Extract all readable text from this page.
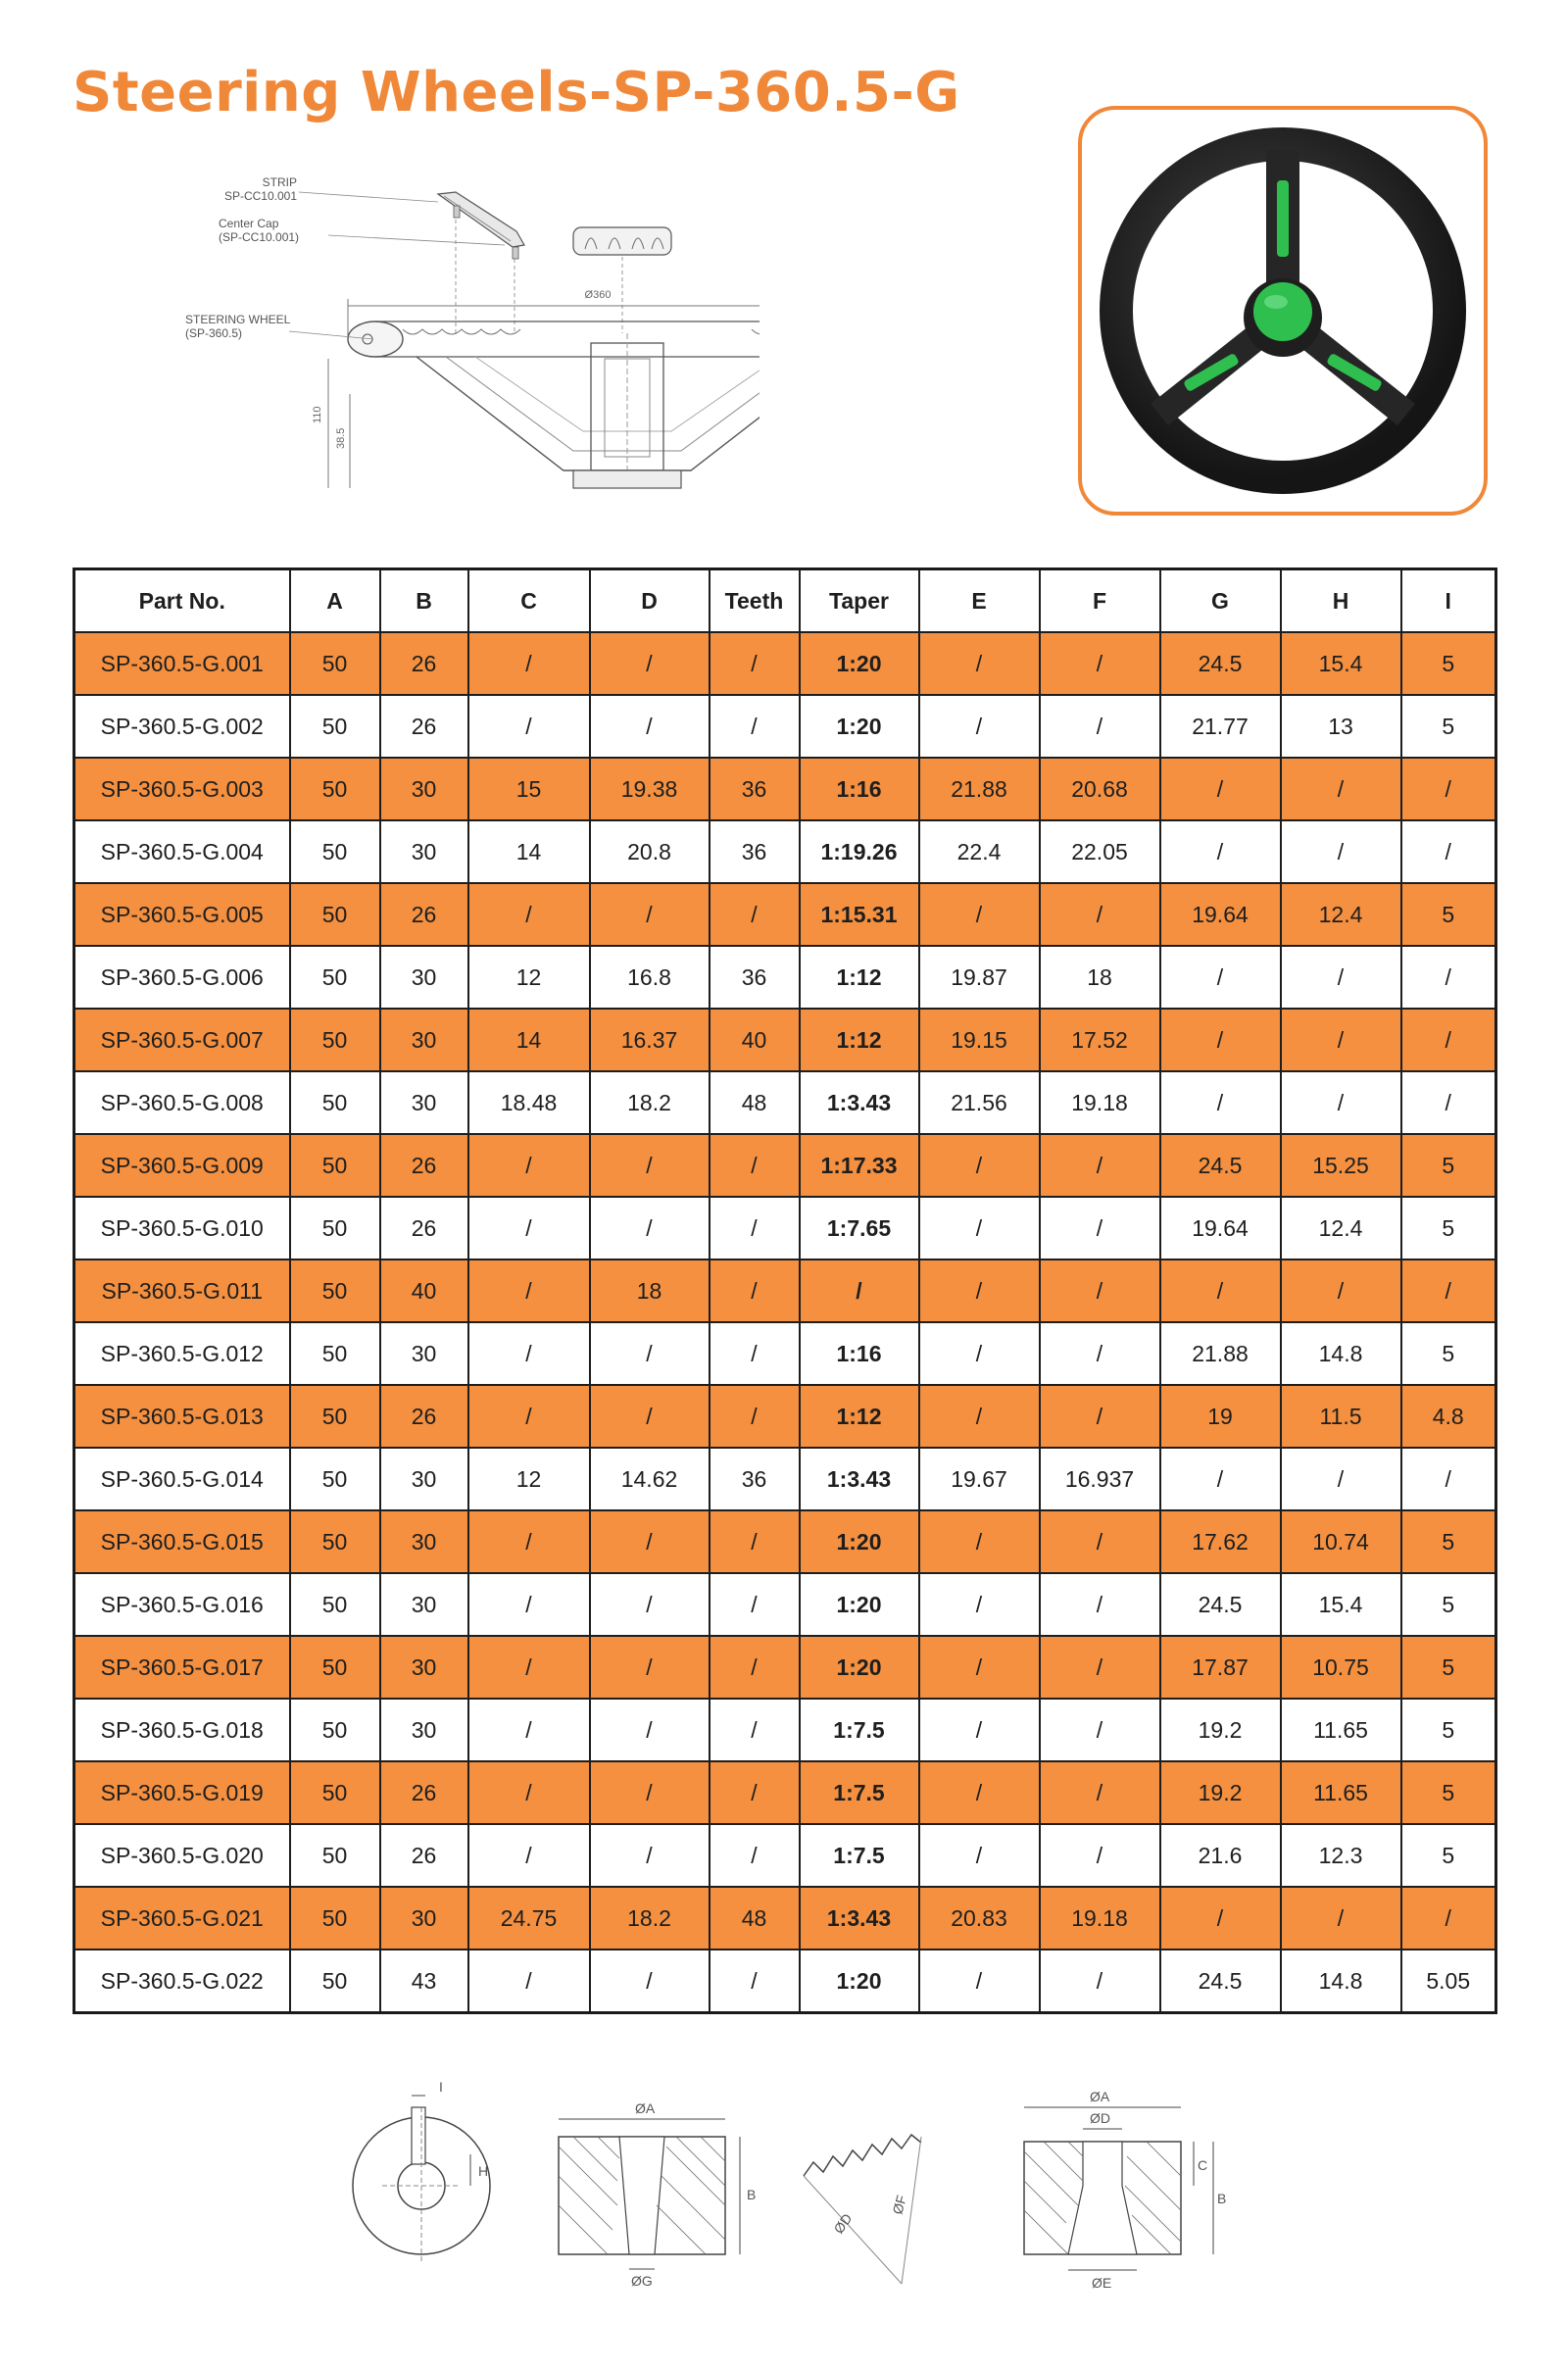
Steering Wheels-SP-360.5-G
Ø360
110
38.5
STRIP
SP-CC10.001
Center Cap
(SP-CC10.001)
STEERING WHEEL
(SP-360.5)
Part No.	A	B	C	D	Teeth	Taper	E	F	G	H	I
SP-360.5-G.001	50	26	/	/	/	1:20	/	/	24.5	15.4	5
SP-360.5-G.002	50	26	/	/	/	1:20	/	/	21.77	13	5
SP-360.5-G.003	50	30	15	19.38	36	1:16	21.88	20.68	/	/	/
SP-360.5-G.004	50	30	14	20.8	36	1:19.26	22.4	22.05	/	/	/
SP-360.5-G.005	50	26	/	/	/	1:15.31	/	/	19.64	12.4	5
SP-360.5-G.006	50	30	12	16.8	36	1:12	19.87	18	/	/	/
SP-360.5-G.007	50	30	14	16.37	40	1:12	19.15	17.52	/	/	/
SP-360.5-G.008	50	30	18.48	18.2	48	1:3.43	21.56	19.18	/	/	/
SP-360.5-G.009	50	26	/	/	/	1:17.33	/	/	24.5	15.25	5
SP-360.5-G.010	50	26	/	/	/	1:7.65	/	/	19.64	12.4	5
SP-360.5-G.011	50	40	/	18	/	/	/	/	/	/	/
SP-360.5-G.012	50	30	/	/	/	1:16	/	/	21.88	14.8	5
SP-360.5-G.013	50	26	/	/	/	1:12	/	/	19	11.5	4.8
SP-360.5-G.014	50	30	12	14.62	36	1:3.43	19.67	16.937	/	/	/
SP-360.5-G.015	50	30	/	/	/	1:20	/	/	17.62	10.74	5
SP-360.5-G.016	50	30	/	/	/	1:20	/	/	24.5	15.4	5
SP-360.5-G.017	50	30	/	/	/	1:20	/	/	17.87	10.75	5
SP-360.5-G.018	50	30	/	/	/	1:7.5	/	/	19.2	11.65	5
SP-360.5-G.019	50	26	/	/	/	1:7.5	/	/	19.2	11.65	5
SP-360.5-G.020	50	26	/	/	/	1:7.5	/	/	21.6	12.3	5
SP-360.5-G.021	50	30	24.75	18.2	48	1:3.43	20.83	19.18	/	/	/
SP-360.5-G.022	50	43	/	/	/	1:20	/	/	24.5	14.8	5.05
I
H
ØA
B
ØG
ØD
ØF
ØA
ØD
C
B
ØE
